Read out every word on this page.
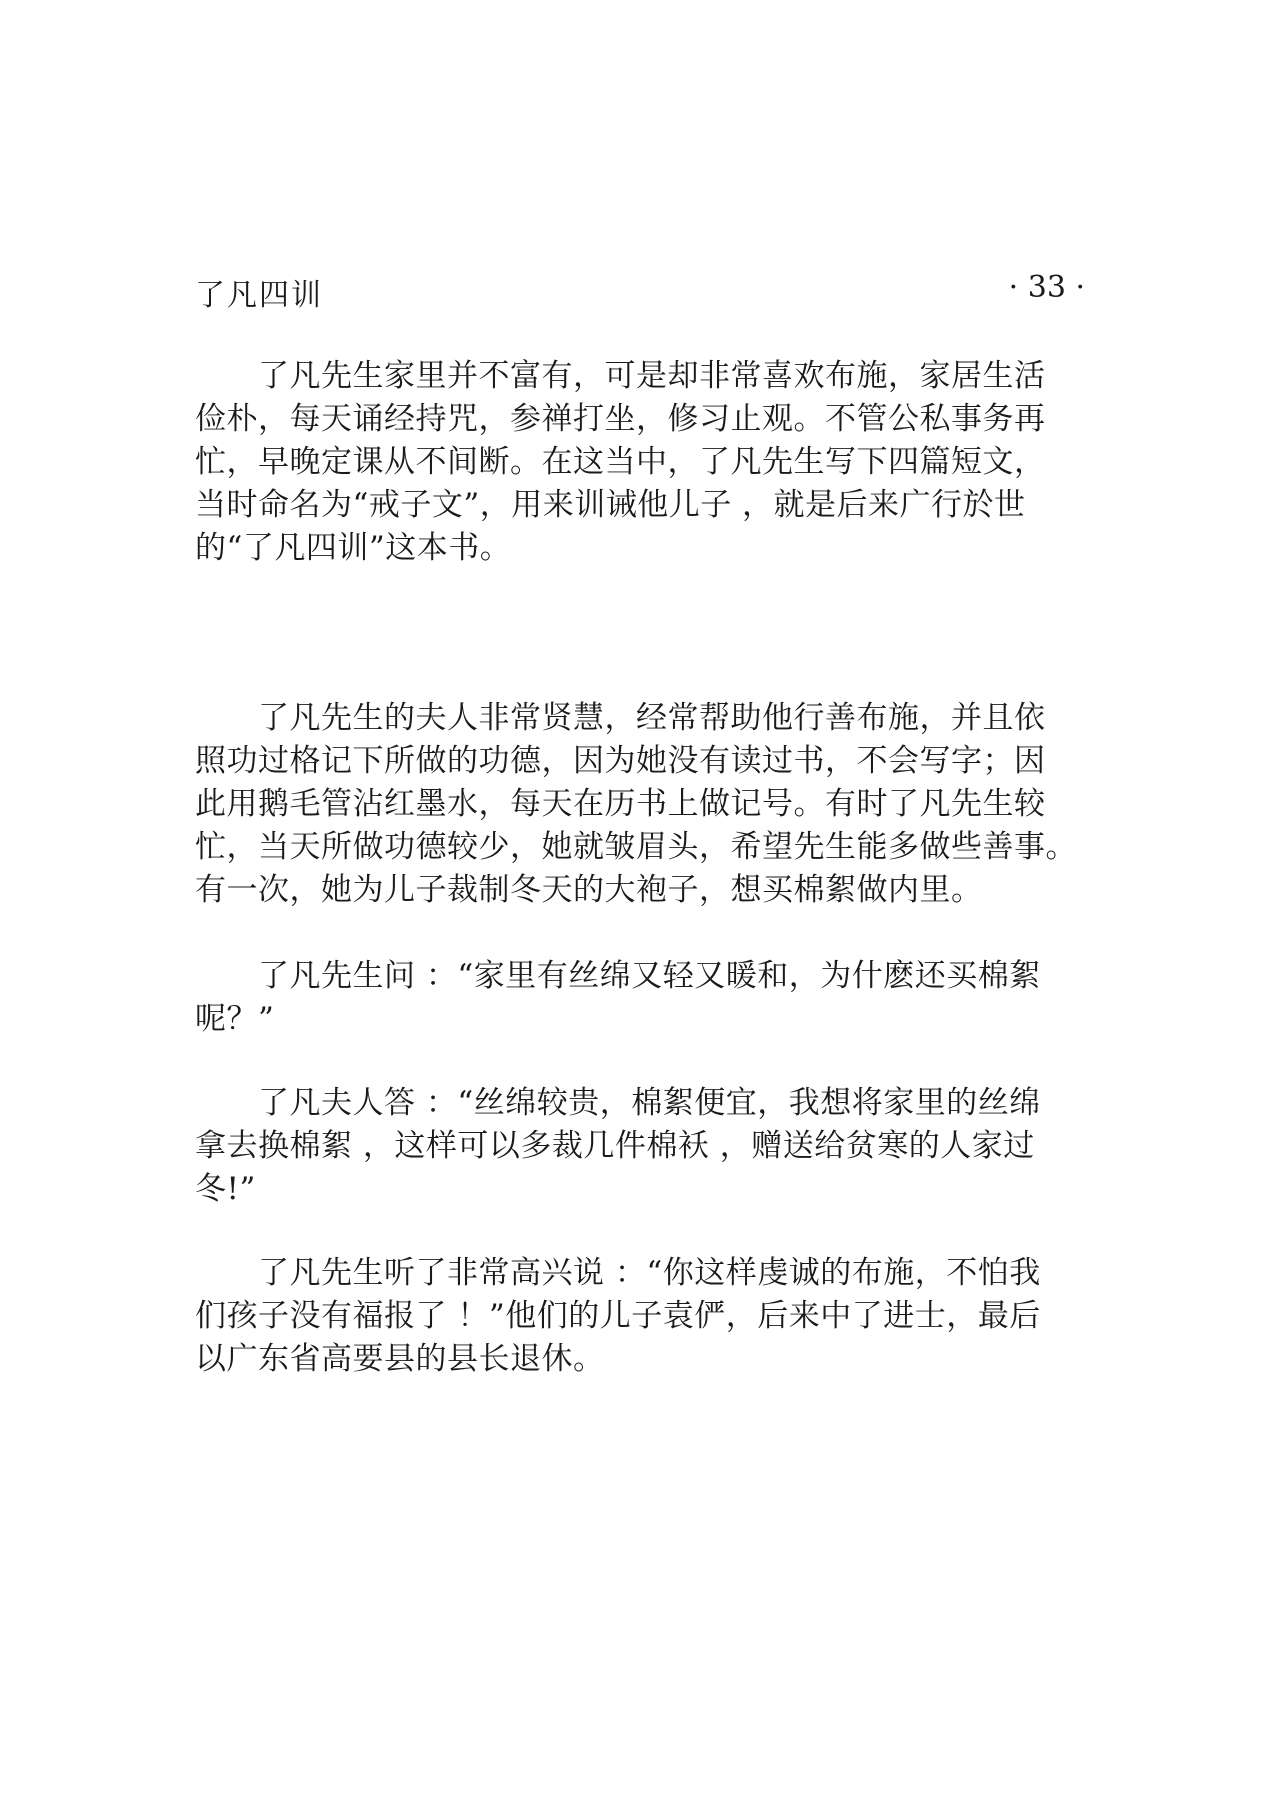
了凡四训	· 33 ·

　　了凡先生家里并不富有，可是却非常喜欢布施，家居生活
俭朴，每天诵经持咒，参禅打坐，修习止观。不管公私事务再
忙，早晚定课从不间断。在这当中，了凡先生写下四篇短文，
当时命名为“戒子文”，用来训诫他儿子 ，就是后来广行於世
的“了凡四训”这本书。

　　了凡先生的夫人非常贤慧，经常帮助他行善布施，并且依
照功过格记下所做的功德，因为她没有读过书，不会写字；因
此用鹅毛管沾红墨水，每天在历书上做记号。有时了凡先生较
忙，当天所做功德较少，她就皱眉头，希望先生能多做些善事。
有一次，她为儿子裁制冬天的大袍子，想买棉絮做内里。

　　了凡先生问 ：“家里有丝绵又轻又暖和，为什麽还买棉絮
呢？”

　　了凡夫人答 ：“丝绵较贵，棉絮便宜，我想将家里的丝绵
拿去换棉絮 ，这样可以多裁几件棉袄 ，赠送给贫寒的人家过
冬!”

　　了凡先生听了非常高兴说 ：“你这样虔诚的布施，不怕我
们孩子没有福报了 ！”他们的儿子袁俨，后来中了进士，最后
以广东省高要县的县长退休。
